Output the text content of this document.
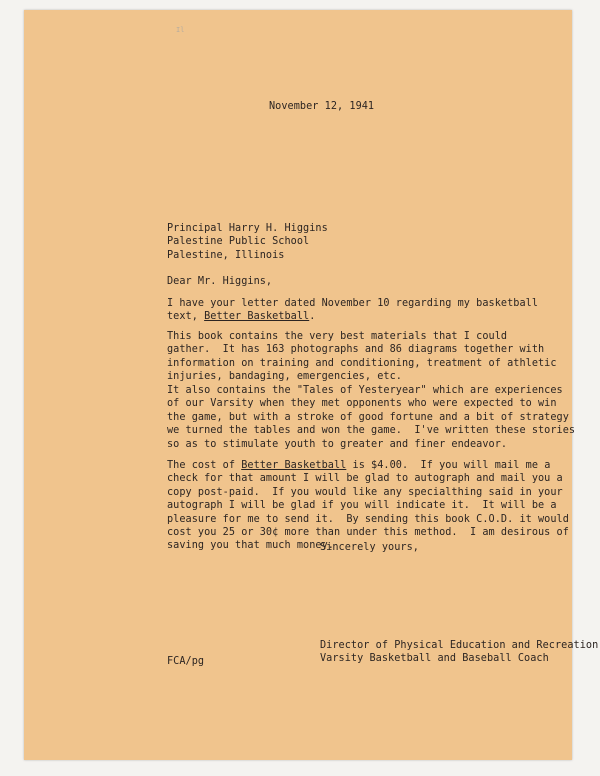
Il

November 12, 1941

Principal Harry H. Higgins

Palestine Public School

Palestine, Illinois

Dear Mr. Higgins,

I have your letter dated November 10 regarding my basketball

text, Better Basketball.

This book contains the very best materials that I could

gather.  It has 163 photographs and 86 diagrams together with

information on training and conditioning, treatment of athletic

injuries, bandaging, emergencies, etc.

It also contains the "Tales of Yesteryear" which are experiences

of our Varsity when they met opponents who were expected to win

the game, but with a stroke of good fortune and a bit of strategy

we turned the tables and won the game.  I've written these stories

so as to stimulate youth to greater and finer endeavor.

The cost of Better Basketball is $4.00.  If you will mail me a

check for that amount I will be glad to autograph and mail you a

copy post-paid.  If you would like any specialthing said in your

autograph I will be glad if you will indicate it.  It will be a

pleasure for me to send it.  By sending this book C.O.D. it would

cost you 25 or 30¢ more than under this method.  I am desirous of

saving you that much money.

Sincerely yours,

FCA/pg

Director of Physical Education and Recreation

Varsity Basketball and Baseball Coach
